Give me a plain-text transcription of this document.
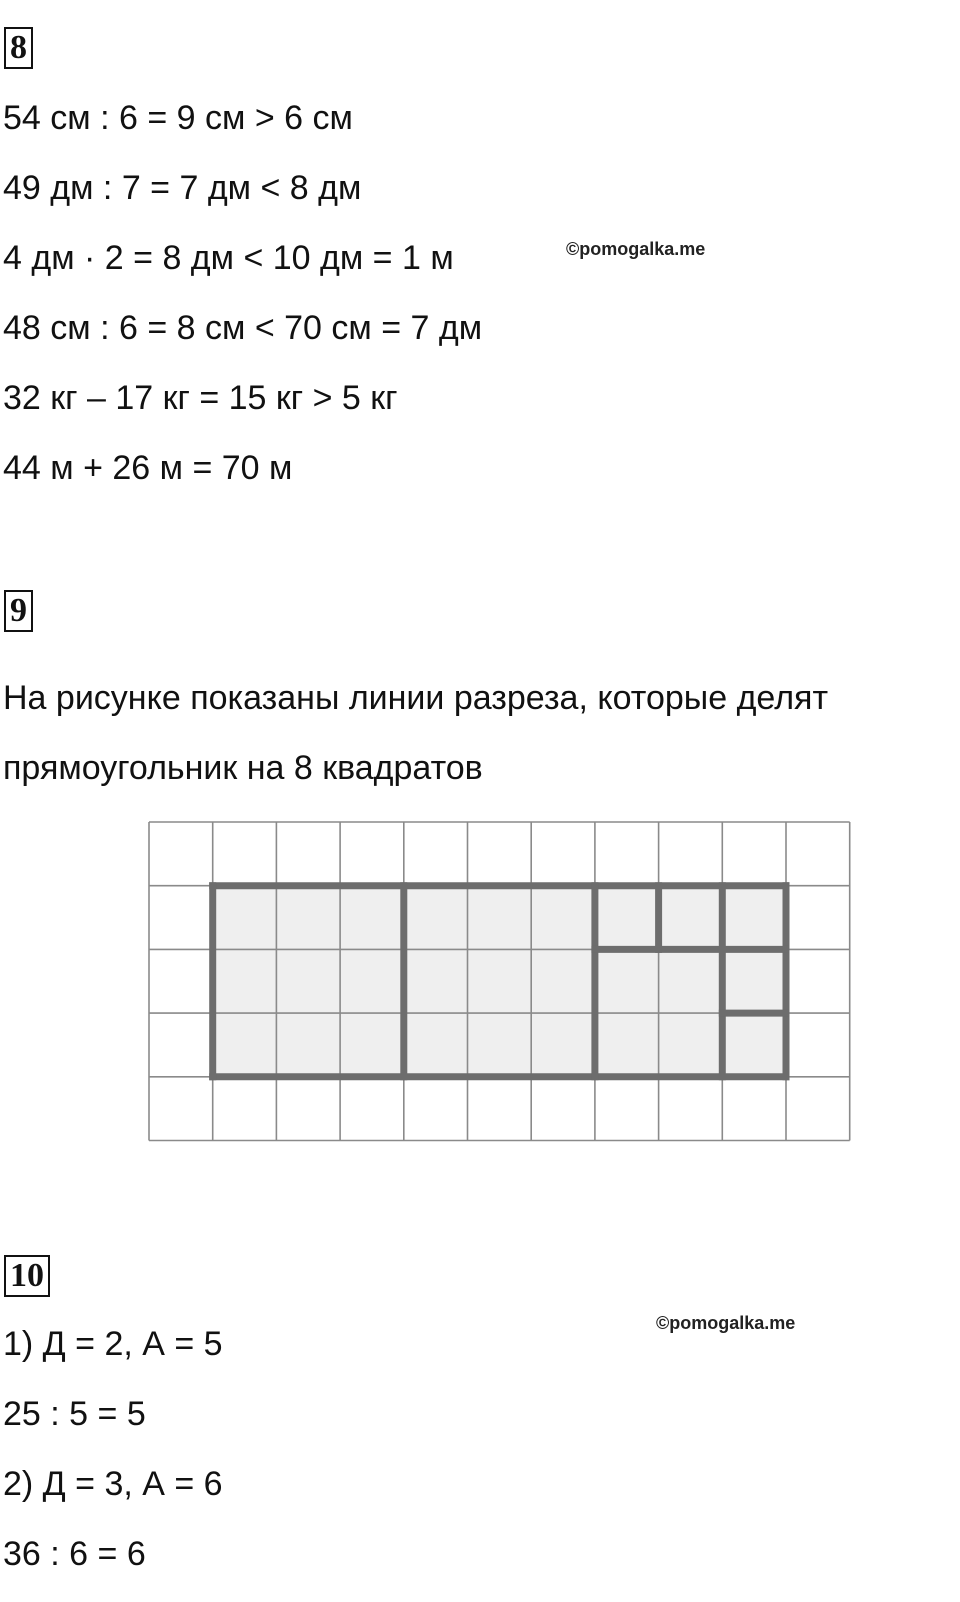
8
54 см : 6 = 9 см > 6 см
49 дм : 7 = 7 дм < 8 дм
4 дм · 2 = 8 дм < 10 дм = 1 м
48 см : 6 = 8 см < 70 см = 7 дм
32 кг – 17 кг = 15 кг > 5 кг
44 м + 26 м = 70 м
©pomogalka.me
9
На рисунке показаны линии разреза, которые делят
прямоугольник на 8 квадратов
10
©pomogalka.me
1) Д = 2, А = 5
25 : 5 = 5
2) Д = 3, А = 6
36 : 6 = 6
